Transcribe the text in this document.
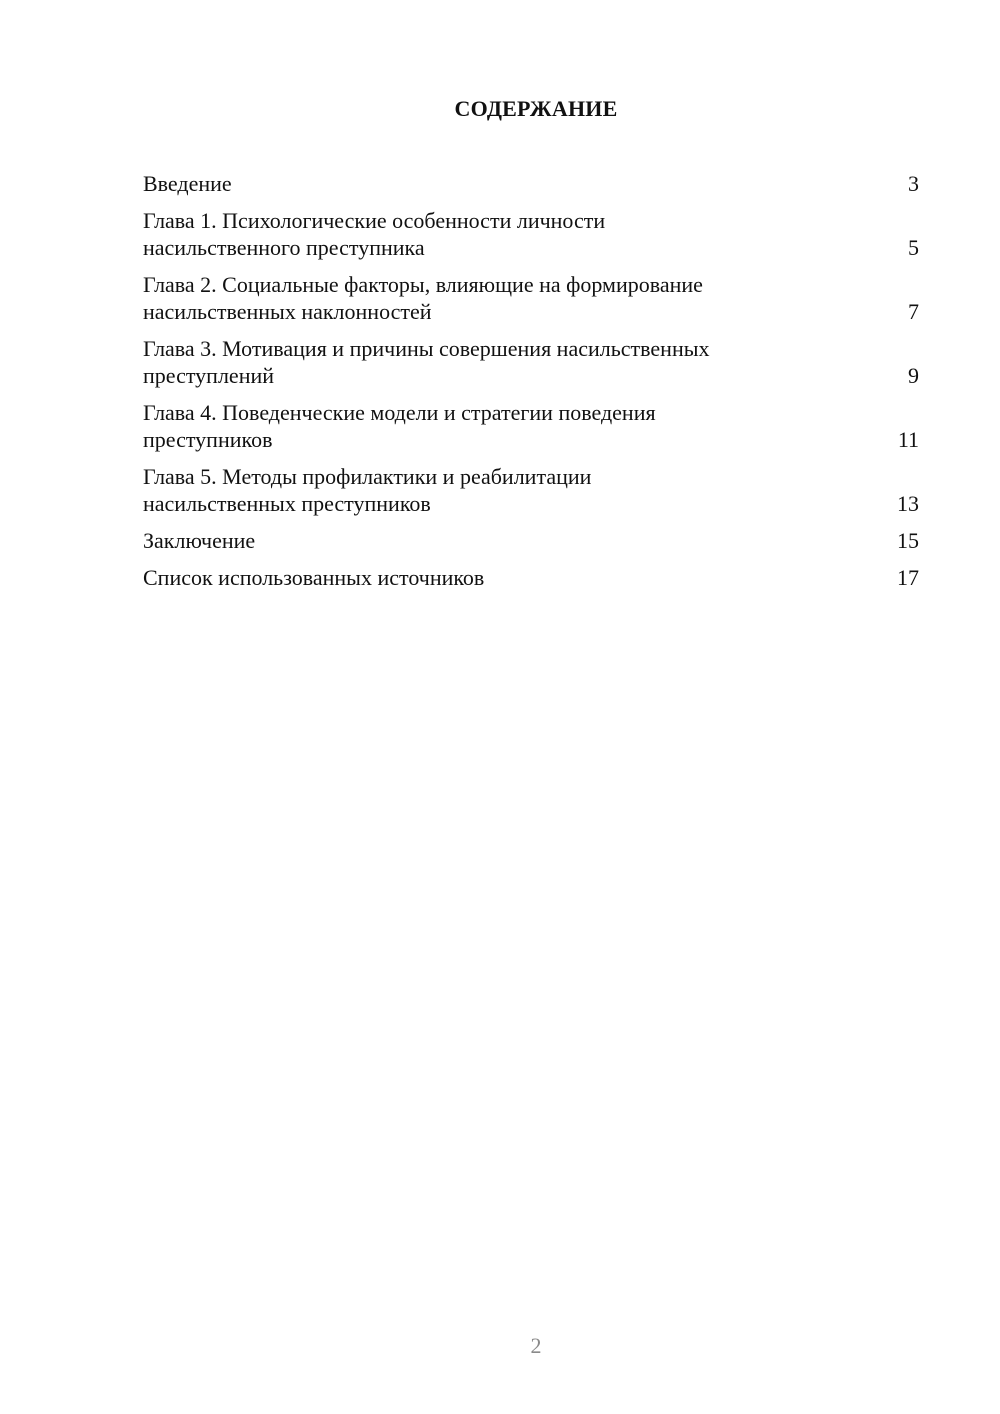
СОДЕРЖАНИЕ
Введение	3
Глава 1. Психологические особенности личности
насильственного преступника	5
Глава 2. Социальные факторы, влияющие на формирование
насильственных наклонностей	7
Глава 3. Мотивация и причины совершения насильственных
преступлений	9
Глава 4. Поведенческие модели и стратегии поведения
преступников	11
Глава 5. Методы профилактики и реабилитации
насильственных преступников	13
Заключение	15
Список использованных источников	17
2
